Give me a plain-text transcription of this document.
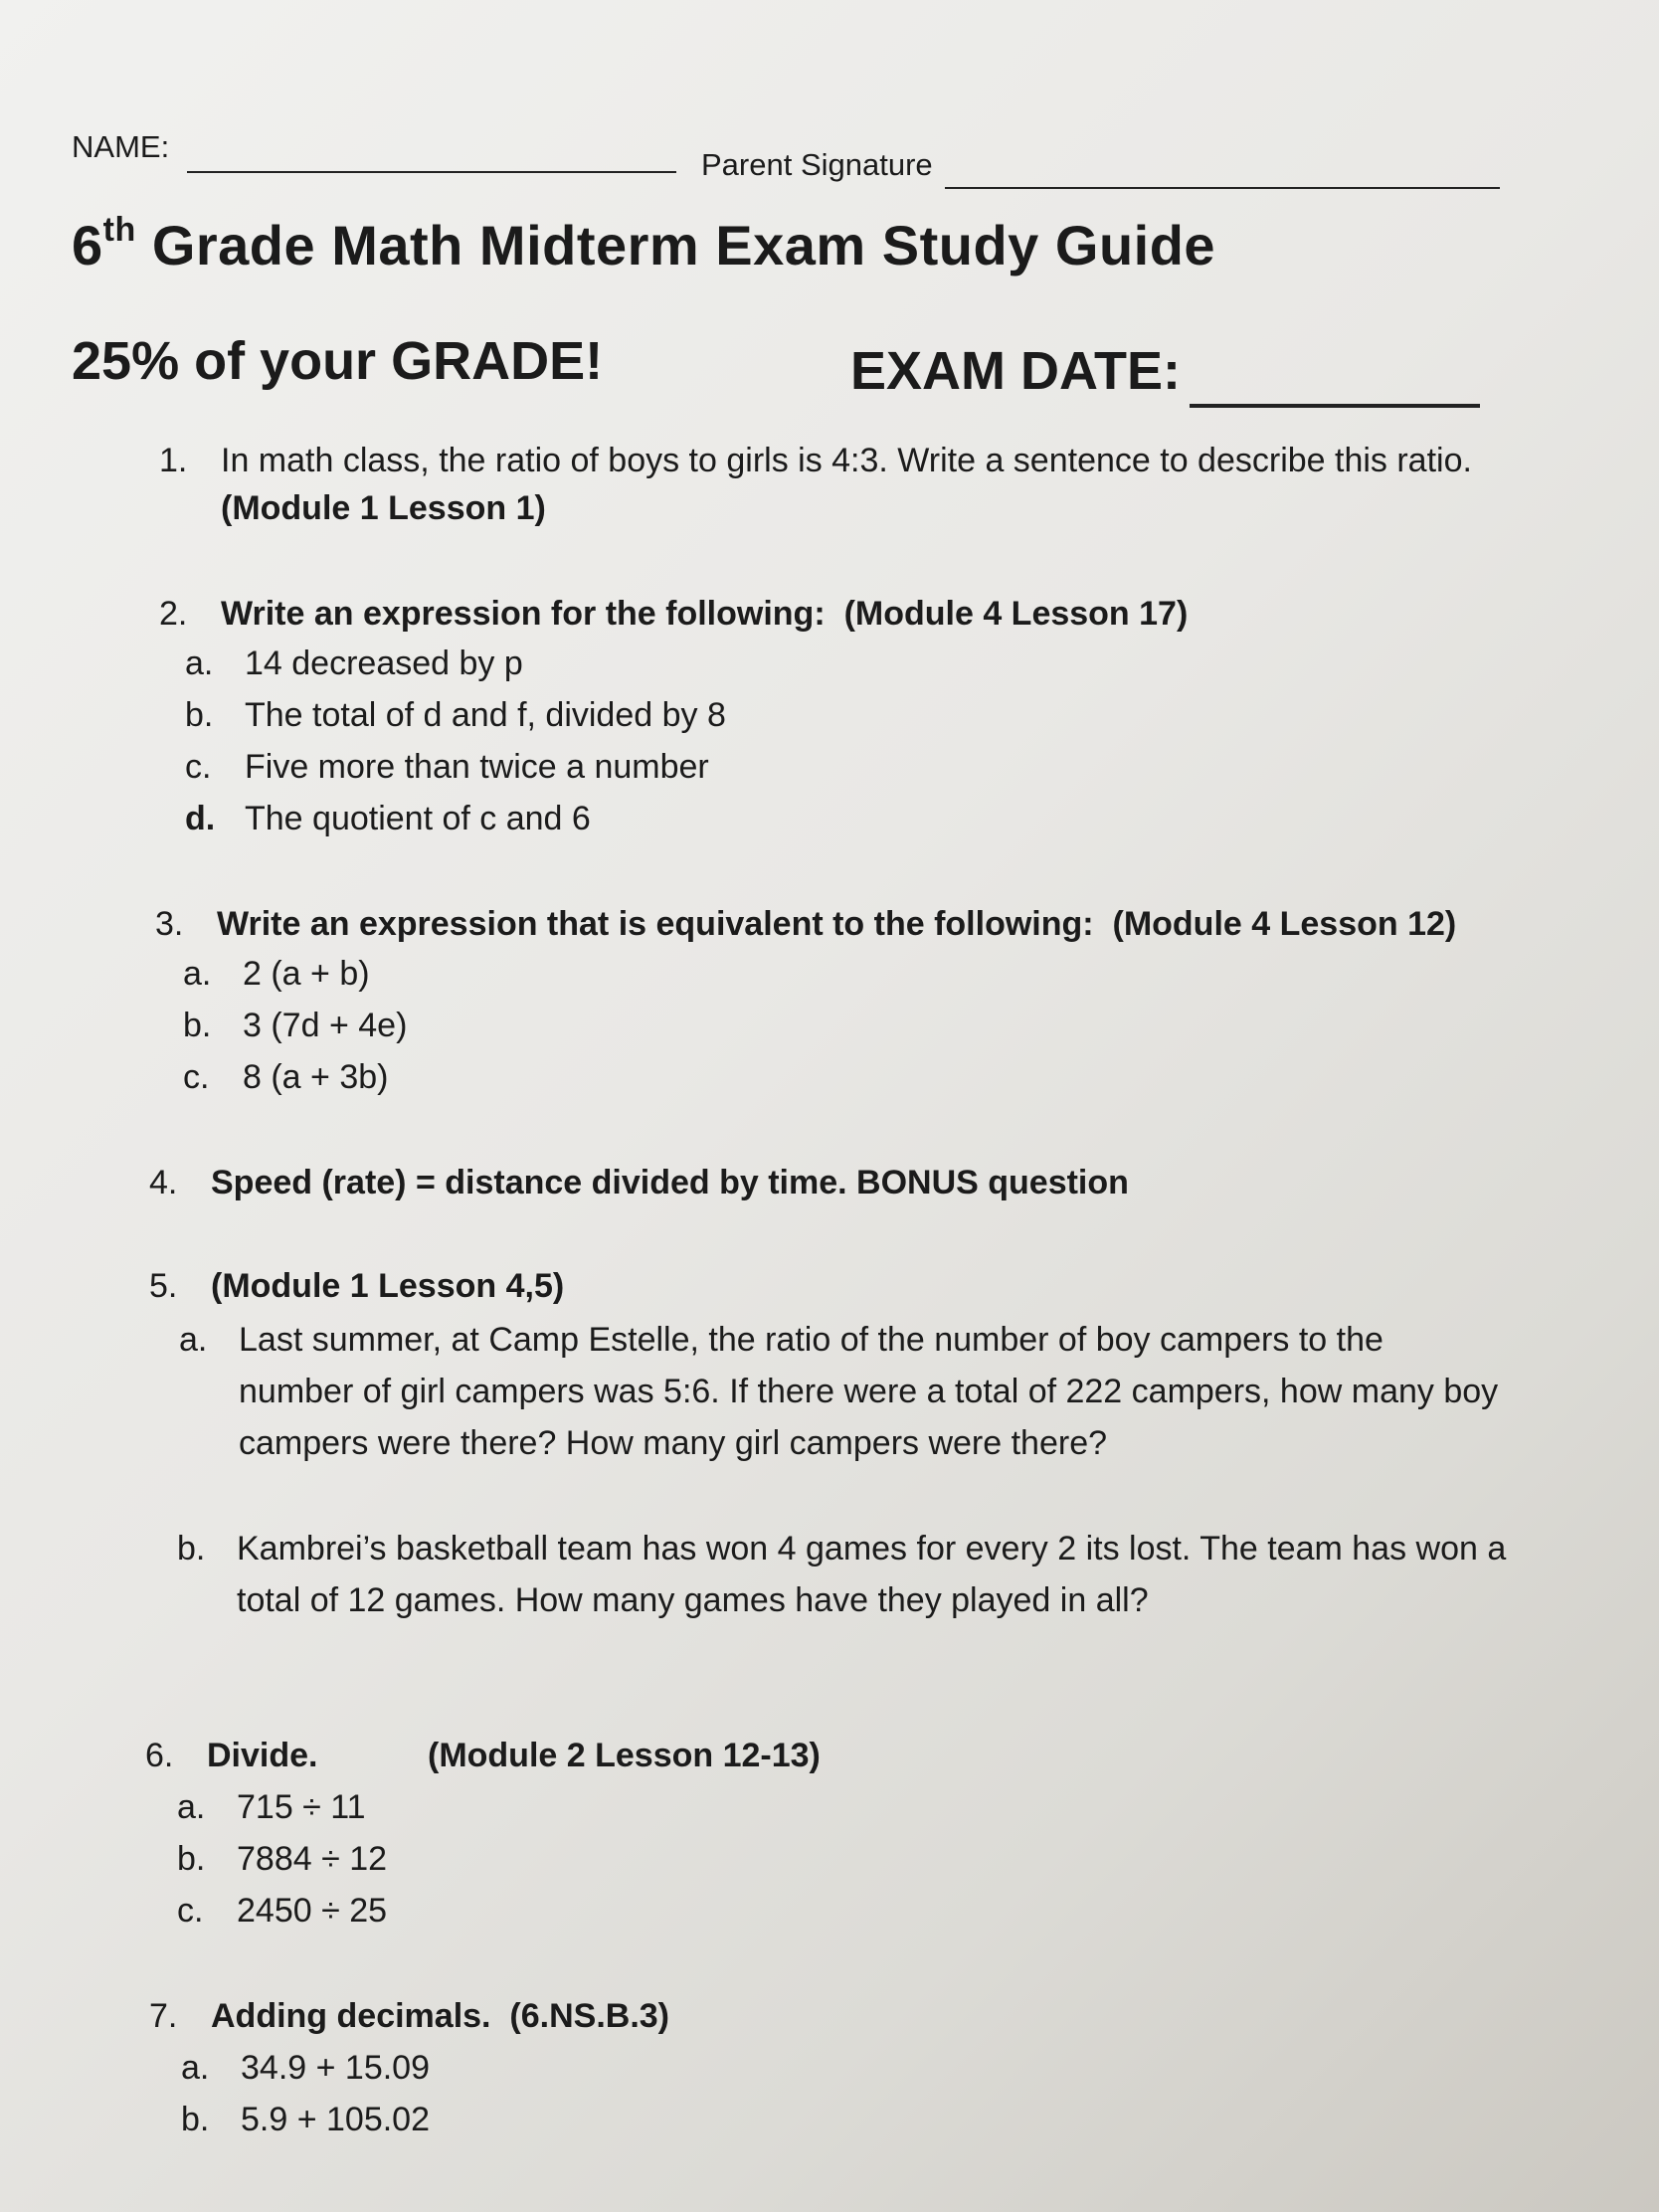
NAME:
Parent Signature
6th Grade Math Midterm Exam Study Guide
25% of your GRADE!	EXAM DATE:
1. In math class, the ratio of boys to girls is 4:3. Write a sentence to describe this ratio.
(Module 1 Lesson 1)
2. Write an expression for the following: (Module 4 Lesson 17)
a. 14 decreased by p
b. The total of d and f, divided by 8
c. Five more than twice a number
d. The quotient of c and 6
3. Write an expression that is equivalent to the following: (Module 4 Lesson 12)
a. 2 (a + b)
b. 3 (7d + 4e)
c. 8 (a + 3b)
4. Speed (rate) = distance divided by time. BONUS question
5. (Module 1 Lesson 4,5)
a. Last summer, at Camp Estelle, the ratio of the number of boy campers to the
number of girl campers was 5:6. If there were a total of 222 campers, how many boy
campers were there? How many girl campers were there?
b. Kambrei’s basketball team has won 4 games for every 2 its lost. The team has won a
total of 12 games. How many games have they played in all?
6. Divide.	(Module 2 Lesson 12-13)
a. 715 ÷ 11
b. 7884 ÷ 12
c. 2450 ÷ 25
7. Adding decimals. (6.NS.B.3)
a. 34.9 + 15.09
b. 5.9 + 105.02
